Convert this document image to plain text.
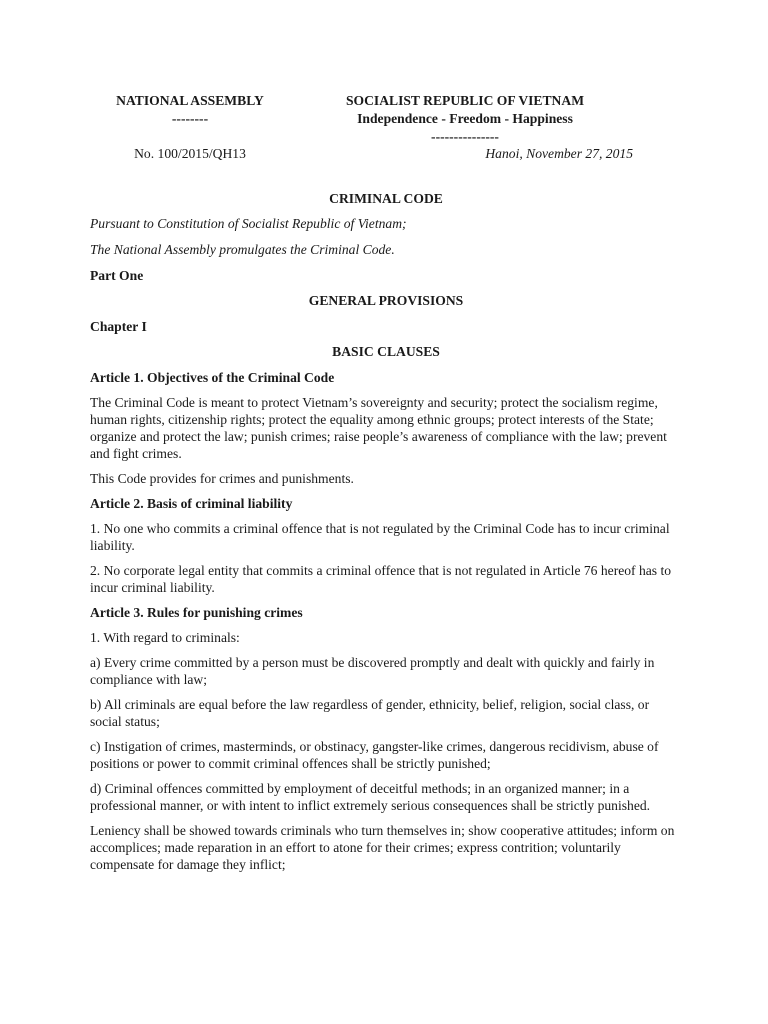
NATIONAL ASSEMBLY
--------
SOCIALIST REPUBLIC OF VIETNAM
Independence - Freedom - Happiness
---------------
No. 100/2015/QH13	Hanoi, November 27, 2015

CRIMINAL CODE

Pursuant to Constitution of Socialist Republic of Vietnam;

The National Assembly promulgates the Criminal Code.

Part One

GENERAL PROVISIONS

Chapter I

BASIC CLAUSES

Article 1. Objectives of the Criminal Code

The Criminal Code is meant to protect Vietnam’s sovereignty and security; protect the socialism regime, human rights, citizenship rights; protect the equality among ethnic groups; protect interests of the State; organize and protect the law; punish crimes; raise people’s awareness of compliance with the law; prevent and fight crimes.

This Code provides for crimes and punishments.

Article 2. Basis of criminal liability

1. No one who commits a criminal offence that is not regulated by the Criminal Code has to incur criminal liability.

2. No corporate legal entity that commits a criminal offence that is not regulated in Article 76 hereof has to incur criminal liability.

Article 3. Rules for punishing crimes

1. With regard to criminals:

a) Every crime committed by a person must be discovered promptly and dealt with quickly and fairly in compliance with law;

b) All criminals are equal before the law regardless of gender, ethnicity, belief, religion, social class, or social status;

c) Instigation of crimes, masterminds, or obstinacy, gangster-like crimes, dangerous recidivism, abuse of positions or power to commit criminal offences shall be strictly punished;

d) Criminal offences committed by employment of deceitful methods; in an organized manner; in a professional manner, or with intent to inflict extremely serious consequences shall be strictly punished.

Leniency shall be showed towards criminals who turn themselves in; show cooperative attitudes; inform on accomplices; made reparation in an effort to atone for their crimes; express contrition; voluntarily compensate for damage they inflict;
